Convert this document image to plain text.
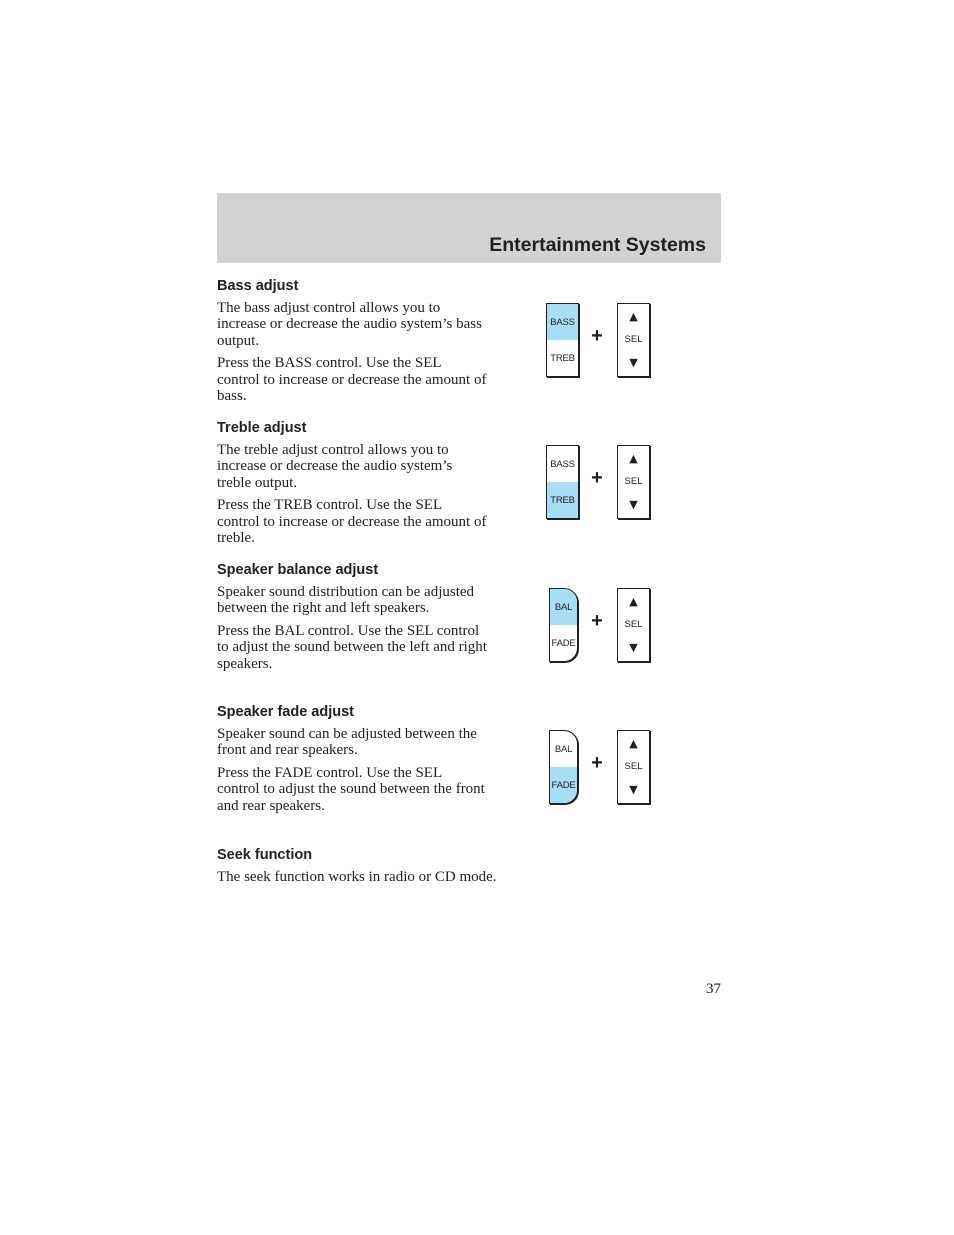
Entertainment Systems
Bass adjust

The bass adjust control allows you to increase or decrease the audio system’s bass output.

Press the BASS control. Use the SEL control to increase or decrease the amount of bass.

Treble adjust

The treble adjust control allows you to increase or decrease the audio system’s treble output.

Press the TREB control. Use the SEL control to increase or decrease the amount of treble.

Speaker balance adjust

Speaker sound distribution can be adjusted between the right and left speakers.

Press the BAL control. Use the SEL control to adjust the sound between the left and right speakers.

Speaker fade adjust

Speaker sound can be adjusted between the front and rear speakers.

Press the FADE control. Use the SEL control to adjust the sound between the front and rear speakers.

Seek function

The seek function works in radio or CD mode.

BASS
TREB
+
▲
SEL
▼
BASS
TREB
+
▲
SEL
▼
BAL
FADE
+
▲
SEL
▼
BAL
FADE
+
▲
SEL
▼
37
